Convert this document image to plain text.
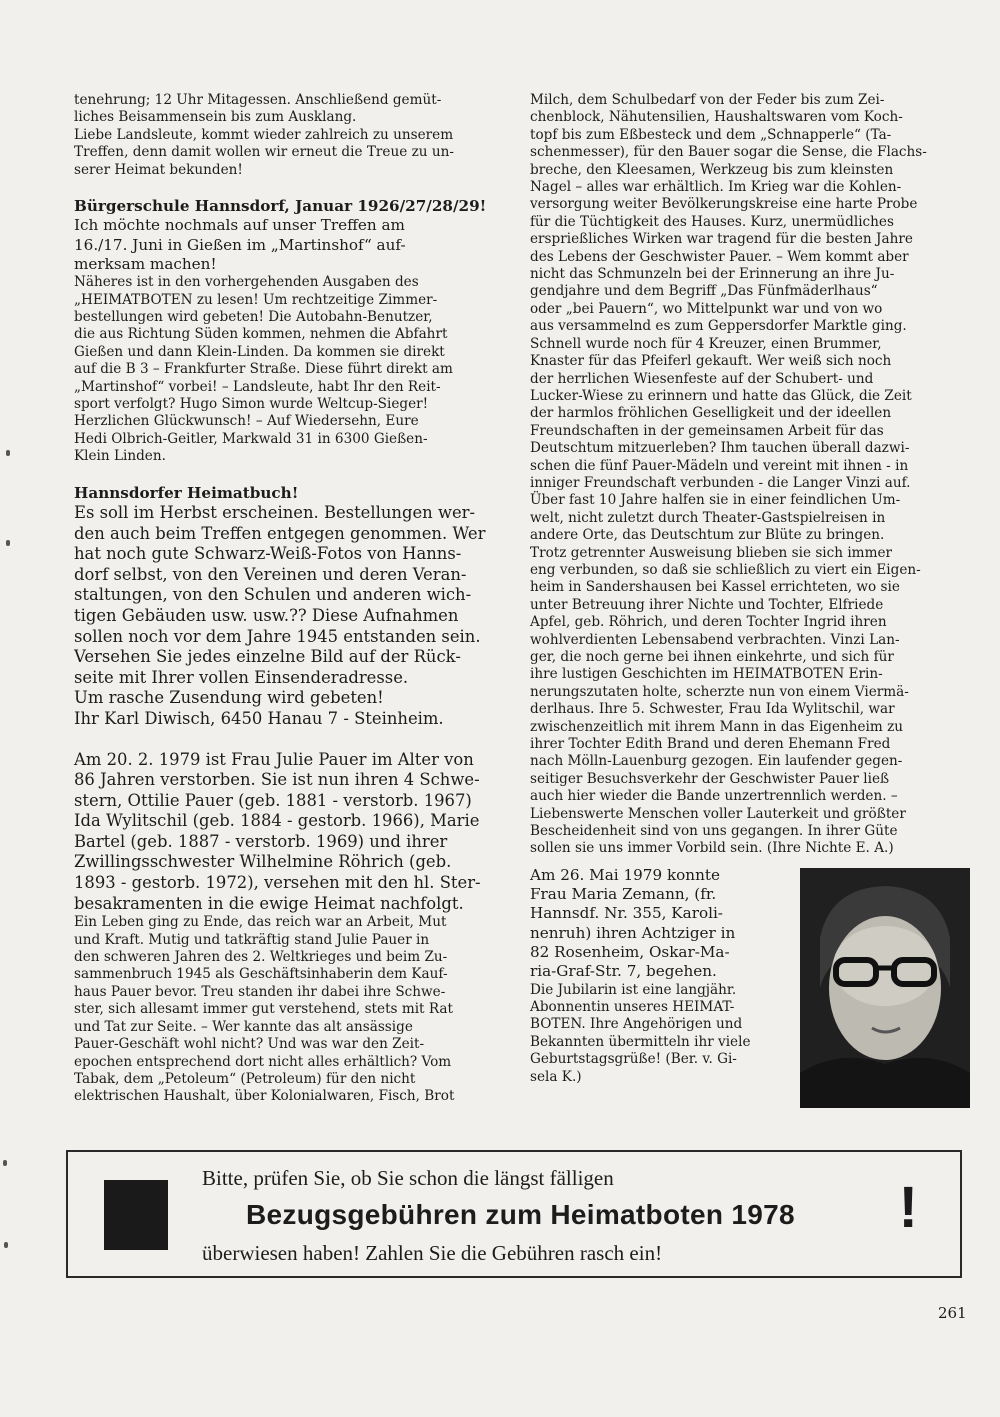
tenehrung; 12 Uhr Mitagessen. Anschließend gemüt-

liches Beisammensein bis zum Ausklang.

Liebe Landsleute, kommt wieder zahlreich zu unserem

Treffen, denn damit wollen wir erneut die Treue zu un-

serer Heimat bekunden!

Bürgerschule Hannsdorf, Januar 1926/27/28/29!

Ich möchte nochmals auf unser Treffen am

16./17. Juni in Gießen im „Martinshof“ auf-

merksam machen!

Näheres ist in den vorhergehenden Ausgaben des

„HEIMATBOTEN zu lesen! Um rechtzeitige Zimmer-

bestellungen wird gebeten! Die Autobahn-Benutzer,

die aus Richtung Süden kommen, nehmen die Abfahrt

Gießen und dann Klein-Linden. Da kommen sie direkt

auf die B 3 – Frankfurter Straße. Diese führt direkt am

„Martinshof“ vorbei! – Landsleute, habt Ihr den Reit-

sport verfolgt? Hugo Simon wurde Weltcup-Sieger!

Herzlichen Glückwunsch! – Auf Wiedersehn, Eure

Hedi Olbrich-Geitler, Markwald 31 in 6300 Gießen-

Klein Linden.

Hannsdorfer Heimatbuch!

Es soll im Herbst erscheinen. Bestellungen wer-

den auch beim Treffen entgegen genommen. Wer

hat noch gute Schwarz-Weiß-Fotos von Hanns-

dorf selbst, von den Vereinen und deren Veran-

staltungen, von den Schulen und anderen wich-

tigen Gebäuden usw. usw.?? Diese Aufnahmen

sollen noch vor dem Jahre 1945 entstanden sein.

Versehen Sie jedes einzelne Bild auf der Rück-

seite mit Ihrer vollen Einsenderadresse.

Um rasche Zusendung wird gebeten!

Ihr Karl Diwisch, 6450 Hanau 7 - Steinheim.

Am 20. 2. 1979 ist Frau Julie Pauer im Alter von

86 Jahren verstorben. Sie ist nun ihren 4 Schwe-

stern, Ottilie Pauer (geb. 1881 - verstorb. 1967)

Ida Wylitschil (geb. 1884 - gestorb. 1966), Marie

Bartel (geb. 1887 - verstorb. 1969) und ihrer

Zwillingsschwester Wilhelmine Röhrich (geb.

1893 - gestorb. 1972), versehen mit den hl. Ster-

besakramenten in die ewige Heimat nachfolgt.

Ein Leben ging zu Ende, das reich war an Arbeit, Mut

und Kraft. Mutig und tatkräftig stand Julie Pauer in

den schweren Jahren des 2. Weltkrieges und beim Zu-

sammenbruch 1945 als Geschäftsinhaberin dem Kauf-

haus Pauer bevor. Treu standen ihr dabei ihre Schwe-

ster, sich allesamt immer gut verstehend, stets mit Rat

und Tat zur Seite. – Wer kannte das alt ansässige

Pauer-Geschäft wohl nicht? Und was war den Zeit-

epochen entsprechend dort nicht alles erhältlich? Vom

Tabak, dem „Petoleum“ (Petroleum) für den nicht

elektrischen Haushalt, über Kolonialwaren, Fisch, Brot

Milch, dem Schulbedarf von der Feder bis zum Zei-

chenblock, Nähutensilien, Haushaltswaren vom Koch-

topf bis zum Eßbesteck und dem „Schnapperle“ (Ta-

schenmesser), für den Bauer sogar die Sense, die Flachs-

breche, den Kleesamen, Werkzeug bis zum kleinsten

Nagel – alles war erhältlich. Im Krieg war die Kohlen-

versorgung weiter Bevölkerungskreise eine harte Probe

für die Tüchtigkeit des Hauses. Kurz, unermüdliches

ersprießliches Wirken war tragend für die besten Jahre

des Lebens der Geschwister Pauer. – Wem kommt aber

nicht das Schmunzeln bei der Erinnerung an ihre Ju-

gendjahre und dem Begriff „Das Fünfmäderlhaus“

oder „bei Pauern“, wo Mittelpunkt war und von wo

aus versammelnd es zum Geppersdorfer Marktle ging.

Schnell wurde noch für 4 Kreuzer, einen Brummer,

Knaster für das Pfeiferl gekauft. Wer weiß sich noch

der herrlichen Wiesenfeste auf der Schubert- und

Lucker-Wiese zu erinnern und hatte das Glück, die Zeit

der harmlos fröhlichen Geselligkeit und der ideellen

Freundschaften in der gemeinsamen Arbeit für das

Deutschtum mitzuerleben? Ihm tauchen überall dazwi-

schen die fünf Pauer-Mädeln und vereint mit ihnen - in

inniger Freundschaft verbunden - die Langer Vinzi auf.

Über fast 10 Jahre halfen sie in einer feindlichen Um-

welt, nicht zuletzt durch Theater-Gastspielreisen in

andere Orte, das Deutschtum zur Blüte zu bringen.

Trotz getrennter Ausweisung blieben sie sich immer

eng verbunden, so daß sie schließlich zu viert ein Eigen-

heim in Sandershausen bei Kassel errichteten, wo sie

unter Betreuung ihrer Nichte und Tochter, Elfriede

Apfel, geb. Röhrich, und deren Tochter Ingrid ihren

wohlverdienten Lebensabend verbrachten. Vinzi Lan-

ger, die noch gerne bei ihnen einkehrte, und sich für

ihre lustigen Geschichten im HEIMATBOTEN Erin-

nerungszutaten holte, scherzte nun von einem Viermä-

derlhaus. Ihre 5. Schwester, Frau Ida Wylitschil, war

zwischenzeitlich mit ihrem Mann in das Eigenheim zu

ihrer Tochter Edith Brand und deren Ehemann Fred

nach Mölln-Lauenburg gezogen. Ein laufender gegen-

seitiger Besuchsverkehr der Geschwister Pauer ließ

auch hier wieder die Bande unzertrennlich werden. –

Liebenswerte Menschen voller Lauterkeit und größter

Bescheidenheit sind von uns gegangen. In ihrer Güte

sollen sie uns immer Vorbild sein. (Ihre Nichte E. A.)

Am 26. Mai 1979 konnte

Frau Maria Zemann, (fr.

Hannsdf. Nr. 355, Karoli-

nenruh) ihren Achtziger in

82 Rosenheim, Oskar-Ma-

ria-Graf-Str. 7, begehen.

Die Jubilarin ist eine langjähr.

Abonnentin unseres HEIMAT-

BOTEN. Ihre Angehörigen und

Bekannten übermitteln ihr viele

Geburtstagsgrüße! (Ber. v. Gi-

sela K.)

Bitte, prüfen Sie, ob Sie schon die längst fälligen
Bezugsgebühren zum Heimatboten 1978
überwiesen haben! Zahlen Sie die Gebühren rasch ein!
!
261
